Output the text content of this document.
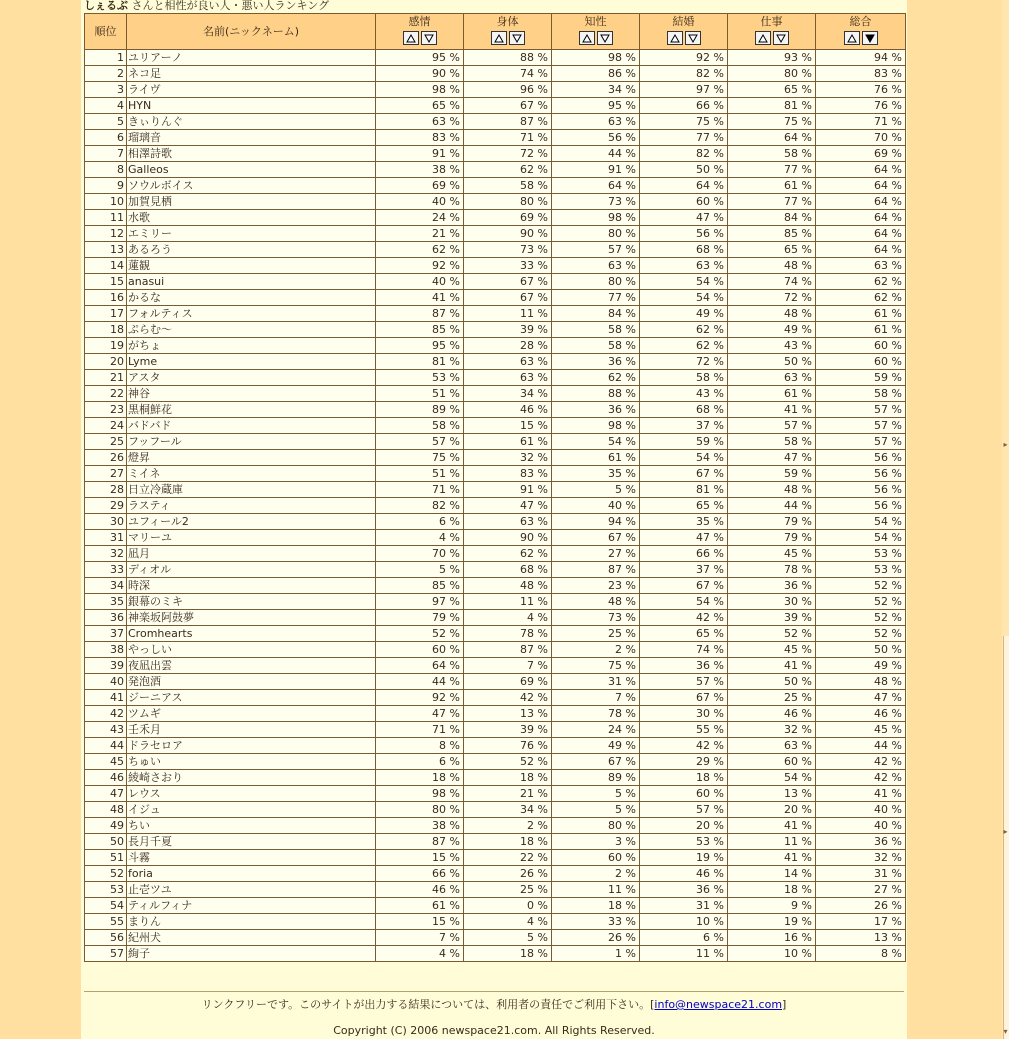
しぇるぶ さんと相性が良い人・悪い人ランキング
順位	名前(ニックネーム)	感情	身体	知性	結婚	仕事	総合

1	ユリアーノ	95 %	88 %	98 %	92 %	93 %	94 %
2	ネコ足	90 %	74 %	86 %	82 %	80 %	83 %
3	ライヴ	98 %	96 %	34 %	97 %	65 %	76 %
4	HYN	65 %	67 %	95 %	66 %	81 %	76 %
5	きぃりんぐ	63 %	87 %	63 %	75 %	75 %	71 %
6	瑠璃音	83 %	71 %	56 %	77 %	64 %	70 %
7	相澤詩歌	91 %	72 %	44 %	82 %	58 %	69 %
8	Galleos	38 %	62 %	91 %	50 %	77 %	64 %
9	ソウルボイス	69 %	58 %	64 %	64 %	61 %	64 %
10	加賀見栖	40 %	80 %	73 %	60 %	77 %	64 %
11	水歌	24 %	69 %	98 %	47 %	84 %	64 %
12	エミリー	21 %	90 %	80 %	56 %	85 %	64 %
13	あるろう	62 %	73 %	57 %	68 %	65 %	64 %
14	蓮観	92 %	33 %	63 %	63 %	48 %	63 %
15	anasui	40 %	67 %	80 %	54 %	74 %	62 %
16	かるな	41 %	67 %	77 %	54 %	72 %	62 %
17	フォルティス	87 %	11 %	84 %	49 %	48 %	61 %
18	ぷらむ～	85 %	39 %	58 %	62 %	49 %	61 %
19	がちょ	95 %	28 %	58 %	62 %	43 %	60 %
20	Lyme	81 %	63 %	36 %	72 %	50 %	60 %
21	アスタ	53 %	63 %	62 %	58 %	63 %	59 %
22	神谷	51 %	34 %	88 %	43 %	61 %	58 %
23	黒桐鮮花	89 %	46 %	36 %	68 %	41 %	57 %
24	バドバド	58 %	15 %	98 %	37 %	57 %	57 %
25	フッフール	57 %	61 %	54 %	59 %	58 %	57 %
26	燈昇	75 %	32 %	61 %	54 %	47 %	56 %
27	ミイネ	51 %	83 %	35 %	67 %	59 %	56 %
28	日立冷蔵庫	71 %	91 %	5 %	81 %	48 %	56 %
29	ラスティ	82 %	47 %	40 %	65 %	44 %	56 %
30	ユフィール2	6 %	63 %	94 %	35 %	79 %	54 %
31	マリーユ	4 %	90 %	67 %	47 %	79 %	54 %
32	凪月	70 %	62 %	27 %	66 %	45 %	53 %
33	ディオル	5 %	68 %	87 %	37 %	78 %	53 %
34	時深	85 %	48 %	23 %	67 %	36 %	52 %
35	銀幕のミキ	97 %	11 %	48 %	54 %	30 %	52 %
36	神楽坂阿鼓夢	79 %	4 %	73 %	42 %	39 %	52 %
37	Cromhearts	52 %	78 %	25 %	65 %	52 %	52 %
38	やっしい	60 %	87 %	2 %	74 %	45 %	50 %
39	夜凪出雲	64 %	7 %	75 %	36 %	41 %	49 %
40	発泡酒	44 %	69 %	31 %	57 %	50 %	48 %
41	ジーニアス	92 %	42 %	7 %	67 %	25 %	47 %
42	ツムギ	47 %	13 %	78 %	30 %	46 %	46 %
43	壬禾月	71 %	39 %	24 %	55 %	32 %	45 %
44	ドラセロア	8 %	76 %	49 %	42 %	63 %	44 %
45	ちゅい	6 %	52 %	67 %	29 %	60 %	42 %
46	綾崎さおり	18 %	18 %	89 %	18 %	54 %	42 %
47	レウス	98 %	21 %	5 %	60 %	13 %	41 %
48	イジュ	80 %	34 %	5 %	57 %	20 %	40 %
49	ちい	38 %	2 %	80 %	20 %	41 %	40 %
50	長月千夏	87 %	18 %	3 %	53 %	11 %	36 %
51	斗霧	15 %	22 %	60 %	19 %	41 %	32 %
52	foria	66 %	26 %	2 %	46 %	14 %	31 %
53	止壱ツユ	46 %	25 %	11 %	36 %	18 %	27 %
54	ティルフィナ	61 %	0 %	18 %	31 %	9 %	26 %
55	まりん	15 %	4 %	33 %	10 %	19 %	17 %
56	紀州犬	7 %	5 %	26 %	6 %	16 %	13 %
57	絢子	4 %	18 %	1 %	11 %	10 %	8 %
リンクフリーです。このサイトが出力する結果については、利用者の責任でご利用下さい。[info@newspace21.com]
Copyright (C) 2006 newspace21.com. All Rights Reserved.
▸
▸
▾
